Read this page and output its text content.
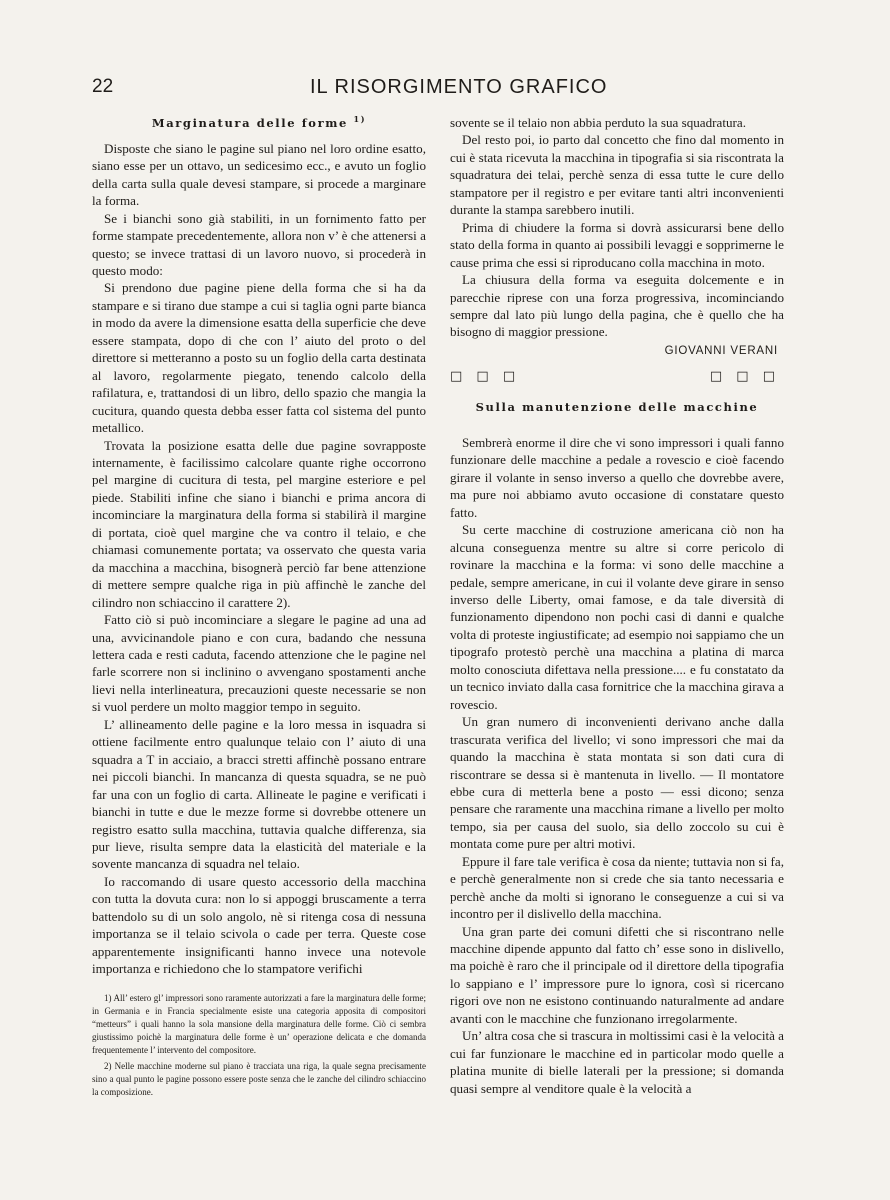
22	IL RISORGIMENTO GRAFICO
Marginatura delle forme $^{1)}$

Disposte che siano le pagine sul piano nel loro ordine esatto, siano esse per un ottavo, un sedicesimo ecc., e avuto un foglio della carta sulla quale devesi stampare, si procede a marginare la forma.

Se i bianchi sono già stabiliti, in un fornimento fatto per forme stampate precedentemente, allora non v’ è che attenersi a questo; se invece trattasi di un lavoro nuovo, si procederà in questo modo:

Si prendono due pagine piene della forma che si ha da stampare e si tirano due stampe a cui si taglia ogni parte bianca in modo da avere la dimensione esatta della superficie che deve essere stampata, dopo di che con l’ aiuto del proto o del direttore si metteranno a posto su un foglio della carta destinata al lavoro, regolarmente piegato, tenendo calcolo della rafilatura, e, trattandosi di un libro, dello spazio che mangia la cucitura, quando questa debba esser fatta col sistema del punto metallico.

Trovata la posizione esatta delle due pagine sovrapposte internamente, è facilissimo calcolare quante righe occorrono pel margine di cucitura di testa, pel margine esteriore e pel piede. Stabiliti infine che siano i bianchi e prima ancora di incominciare la marginatura della forma si stabilirà il margine di portata, cioè quel margine che va contro il telaio, e che chiamasi comunemente portata; va osservato che questa varia da macchina a macchina, bisognerà perciò far bene attenzione di mettere sempre qualche riga in più affinchè le zanche del cilindro non schiaccino il carattere 2).

Fatto ciò si può incominciare a slegare le pagine ad una ad una, avvicinandole piano e con cura, badando che nessuna lettera cada e resti caduta, facendo attenzione che le pagine nel farle scorrere non si inclinino o avvengano spostamenti anche lievi nella interlineatura, precauzioni queste necessarie se non si vuol perdere un molto maggior tempo in seguito.

L’ allineamento delle pagine e la loro messa in isquadra si ottiene facilmente entro qualunque telaio con l’ aiuto di una squadra a T in acciaio, a bracci stretti affinchè possano entrare nei piccoli bianchi. In mancanza di questa squadra, se ne può far una con un foglio di carta. Allineate le pagine e verificati i bianchi in tutte e due le mezze forme si dovrebbe ottenere un registro esatto sulla macchina, tuttavia qualche differenza, sia pur lieve, risulta sempre data la elasticità del materiale e la sovente mancanza di squadra nel telaio.

Io raccomando di usare questo accessorio della macchina con tutta la dovuta cura: non lo si appoggi bruscamente a terra battendolo su di un solo angolo, nè si ritenga cosa di nessuna importanza se il telaio scivola o cade per terra. Queste cose apparentemente insignificanti hanno invece una notevole importanza e richiedono che lo stampatore verifichi

1) All’ estero gl’ impressori sono raramente autorizzati a fare la marginatura delle forme; in Germania e in Francia specialmente esiste una categoria apposita di compositori “metteurs” i quali hanno la sola mansione della marginatura delle forme. Ciò ci sembra giustissimo poichè la marginatura delle forme è un’ operazione delicata e che domanda frequentemente l’ intervento del compositore.

2) Nelle macchine moderne sul piano è tracciata una riga, la quale segna precisamente sino a qual punto le pagine possono essere poste senza che le zanche del cilindro schiaccino la composizione.

sovente se il telaio non abbia perduto la sua squadratura.

Del resto poi, io parto dal concetto che fino dal momento in cui è stata ricevuta la macchina in tipografia si sia riscontrata la squadratura dei telai, perchè senza di essa tutte le cure dello stampatore per il registro e per evitare tanti altri inconvenienti durante la stampa sarebbero inutili.

Prima di chiudere la forma si dovrà assicurarsi bene dello stato della forma in quanto ai possibili levaggi e sopprimerne le cause prima che essi si riproducano colla macchina in moto.

La chiusura della forma va eseguita dolcemente e in parecchie riprese con una forza progressiva, incominciando sempre dal lato più lungo della pagina, che è quello che ha bisogno di maggior pressione.

GIOVANNI VERANI
□ □ □	□ □ □
Sulla manutenzione delle macchine

Sembrerà enorme il dire che vi sono impressori i quali fanno funzionare delle macchine a pedale a rovescio e cioè facendo girare il volante in senso inverso a quello che dovrebbe avere, ma pure noi abbiamo avuto occasione di constatare questo fatto.

Su certe macchine di costruzione americana ciò non ha alcuna conseguenza mentre su altre si corre pericolo di rovinare la macchina e la forma: vi sono delle macchine a pedale, sempre americane, in cui il volante deve girare in senso inverso delle Liberty, omai famose, e da tale diversità di funzionamento dipendono non pochi casi di danni e qualche volta di proteste ingiustificate; ad esempio noi sappiamo che un tipografo protestò perchè una macchina a platina di marca molto conosciuta difettava nella pressione.... e fu constatato da un tecnico inviato dalla casa fornitrice che la macchina girava a rovescio.

Un gran numero di inconvenienti derivano anche dalla trascurata verifica del livello; vi sono impressori che mai da quando la macchina è stata montata si son dati cura di riscontrare se dessa si è mantenuta in livello. — Il montatore ebbe cura di metterla bene a posto — essi dicono; senza pensare che raramente una macchina rimane a livello per molto tempo, sia per causa del suolo, sia dello zoccolo su cui è montata come pure per altri motivi.

Eppure il fare tale verifica è cosa da niente; tuttavia non si fa, e perchè generalmente non si crede che sia tanto necessaria e perchè anche da molti si ignorano le conseguenze a cui si va incontro per il dislivello della macchina.

Una gran parte dei comuni difetti che si riscontrano nelle macchine dipende appunto dal fatto ch’ esse sono in dislivello, ma poichè è raro che il principale od il direttore della tipografia lo sappiano e l’ impressore pure lo ignora, così si ricercano rigori ove non ne esistono continuando naturalmente ad andare avanti con le macchine che funzionano irregolarmente.

Un’ altra cosa che si trascura in moltissimi casi è la velocità a cui far funzionare le macchine ed in particolar modo quelle a platina munite di bielle laterali per la pressione; si domanda quasi sempre al venditore quale è la velocità a
